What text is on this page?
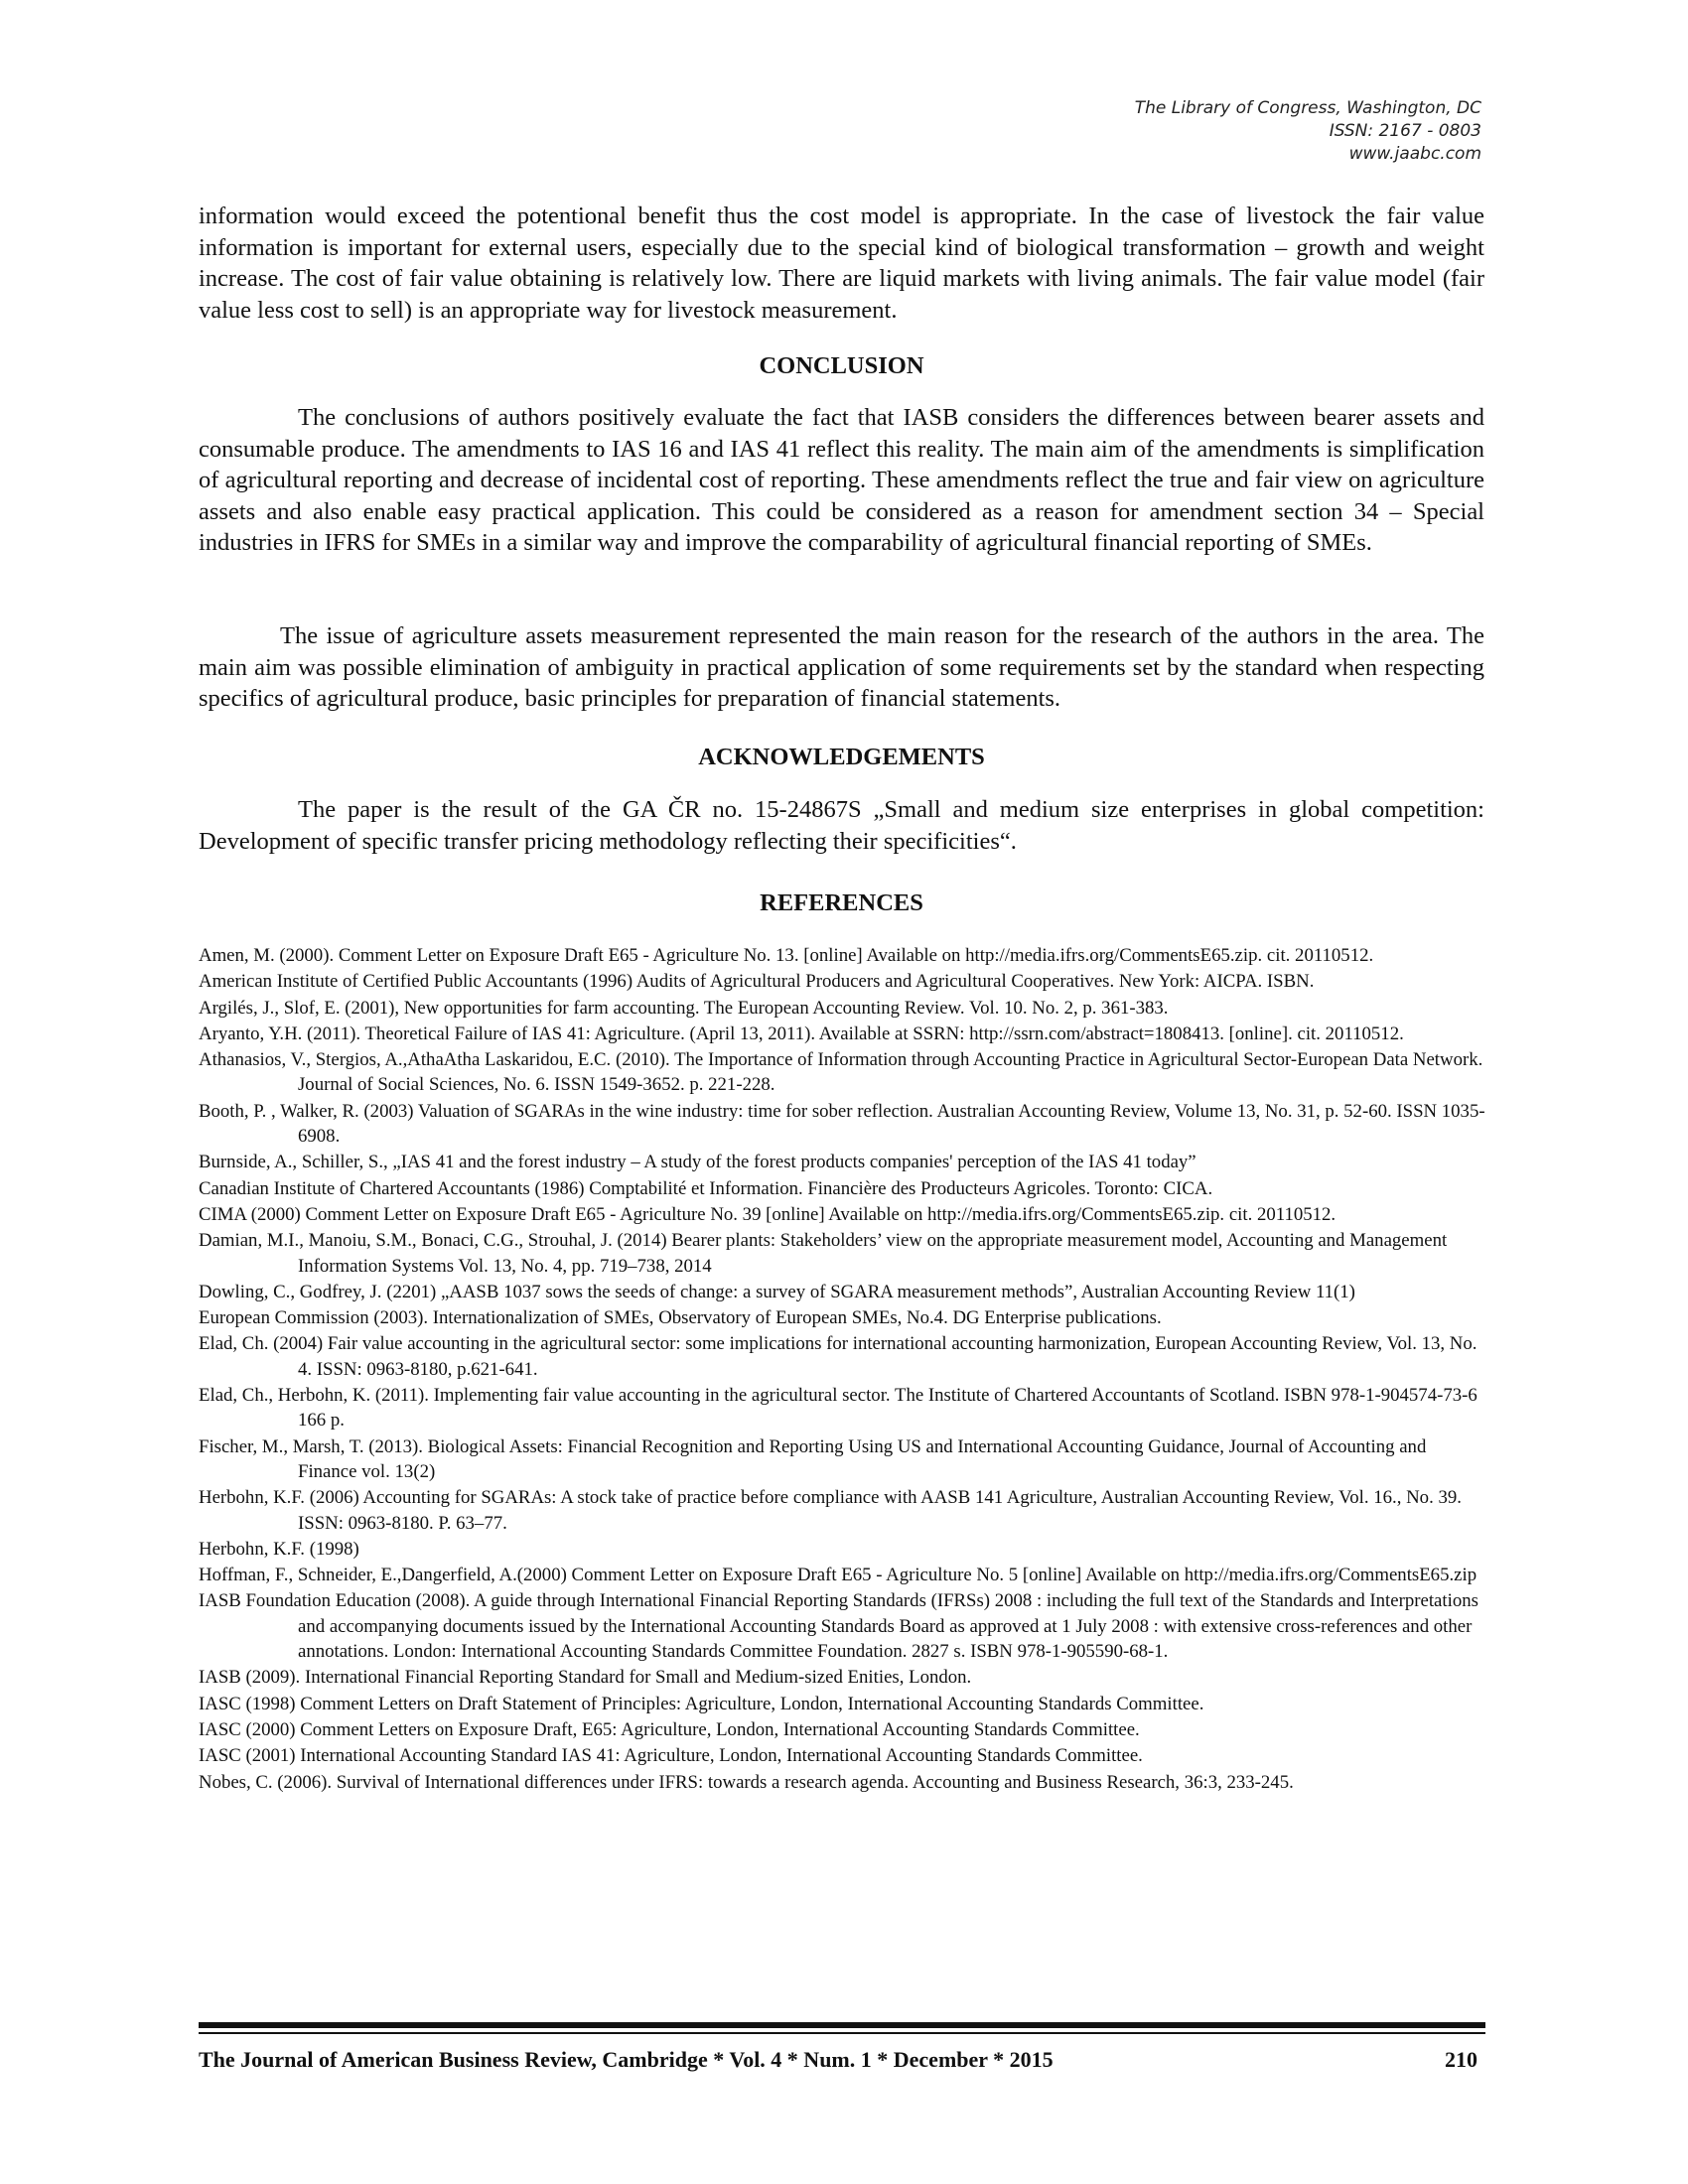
The Library of Congress, Washington, DC
ISSN: 2167 - 0803
www.jaabc.com

information would exceed the potentional benefit thus the cost model is appropriate. In the case of livestock the fair value information is important for external users, especially due to the special kind of biological transformation – growth and weight increase. The cost of fair value obtaining is relatively low. There are liquid markets with living animals. The fair value model (fair value less cost to sell) is an appropriate way for livestock measurement.

CONCLUSION

The conclusions of authors positively evaluate the fact that IASB considers the differences between bearer assets and consumable produce. The amendments to IAS 16 and IAS 41 reflect this reality. The main aim of the amendments is simplification of agricultural reporting and decrease of incidental cost of reporting. These amendments reflect the true and fair view on agriculture assets and also enable easy practical application. This could be considered as a reason for amendment section 34 – Special industries in IFRS for SMEs in a similar way and improve the comparability of agricultural financial reporting of SMEs.

The issue of agriculture assets measurement represented the main reason for the research of the authors in the area. The main aim was possible elimination of ambiguity in practical application of some requirements set by the standard when respecting specifics of agricultural produce, basic principles for preparation of financial statements.

ACKNOWLEDGEMENTS

The paper is the result of the GA ČR no. 15-24867S „Small and medium size enterprises in global competition: Development of specific transfer pricing methodology reflecting their specificities“.

REFERENCES
Amen, M. (2000). Comment Letter on Exposure Draft E65 - Agriculture No. 13. [online] Available on http://media.ifrs.org/CommentsE65.zip. cit. 20110512.
American Institute of Certified Public Accountants (1996) Audits of Agricultural Producers and Agricultural Cooperatives. New York: AICPA. ISBN.
Argilés, J., Slof, E. (2001), New opportunities for farm accounting. The European Accounting Review. Vol. 10. No. 2, p. 361-383.
Aryanto, Y.H. (2011). Theoretical Failure of IAS 41: Agriculture. (April 13, 2011). Available at SSRN: http://ssrn.com/abstract=1808413. [online]. cit. 20110512.
Athanasios, V., Stergios, A.,AthaAtha Laskaridou, E.C. (2010). The Importance of Information through Accounting Practice in Agricultural Sector-European Data Network. Journal of Social Sciences, No. 6. ISSN 1549-3652. p. 221-228.
Booth, P. , Walker, R. (2003) Valuation of SGARAs in the wine industry: time for sober reflection. Australian Accounting Review, Volume 13, No. 31, p. 52-60. ISSN 1035-6908.
Burnside, A., Schiller, S., „IAS 41 and the forest industry – A study of the forest products companies' perception of the IAS 41 today”
Canadian Institute of Chartered Accountants (1986) Comptabilité et Information. Financière des Producteurs Agricoles. Toronto: CICA.
CIMA (2000) Comment Letter on Exposure Draft E65 - Agriculture No. 39 [online] Available on http://media.ifrs.org/CommentsE65.zip. cit. 20110512.
Damian, M.I., Manoiu, S.M., Bonaci, C.G., Strouhal, J. (2014) Bearer plants: Stakeholders’ view on the appropriate measurement model, Accounting and Management Information Systems Vol. 13, No. 4, pp. 719–738, 2014
Dowling, C., Godfrey, J. (2201) „AASB 1037 sows the seeds of change: a survey of SGARA measurement methods”, Australian Accounting Review 11(1)
European Commission (2003). Internationalization of SMEs, Observatory of European SMEs, No.4. DG Enterprise publications.
Elad, Ch. (2004) Fair value accounting in the agricultural sector: some implications for international accounting harmonization, European Accounting Review, Vol. 13, No. 4. ISSN: 0963-8180, p.621-641.
Elad, Ch., Herbohn, K. (2011). Implementing fair value accounting in the agricultural sector. The Institute of Chartered Accountants of Scotland. ISBN 978-1-904574-73-6 166 p.
Fischer, M., Marsh, T. (2013). Biological Assets: Financial Recognition and Reporting Using US and International Accounting Guidance, Journal of Accounting and Finance vol. 13(2)
Herbohn, K.F. (2006) Accounting for SGARAs: A stock take of practice before compliance with AASB 141 Agriculture, Australian Accounting Review, Vol. 16., No. 39. ISSN: 0963-8180. P. 63–77.
Herbohn, K.F. (1998)
Hoffman, F., Schneider, E.,Dangerfield, A.(2000) Comment Letter on Exposure Draft E65 - Agriculture No. 5 [online] Available on http://media.ifrs.org/CommentsE65.zip
IASB Foundation Education (2008). A guide through International Financial Reporting Standards (IFRSs) 2008 : including the full text of the Standards and Interpretations and accompanying documents issued by the International Accounting Standards Board as approved at 1 July 2008 : with extensive cross-references and other annotations. London: International Accounting Standards Committee Foundation. 2827 s. ISBN 978-1-905590-68-1.
IASB (2009). International Financial Reporting Standard for Small and Medium-sized Enities, London.
IASC (1998) Comment Letters on Draft Statement of Principles: Agriculture, London, International Accounting Standards Committee.
IASC (2000) Comment Letters on Exposure Draft, E65: Agriculture, London, International Accounting Standards Committee.
IASC (2001) International Accounting Standard IAS 41: Agriculture, London, International Accounting Standards Committee.
Nobes, C. (2006). Survival of International differences under IFRS: towards a research agenda. Accounting and Business Research, 36:3, 233-245.
The Journal of American Business Review, Cambridge * Vol. 4 * Num. 1 * December * 2015	210
